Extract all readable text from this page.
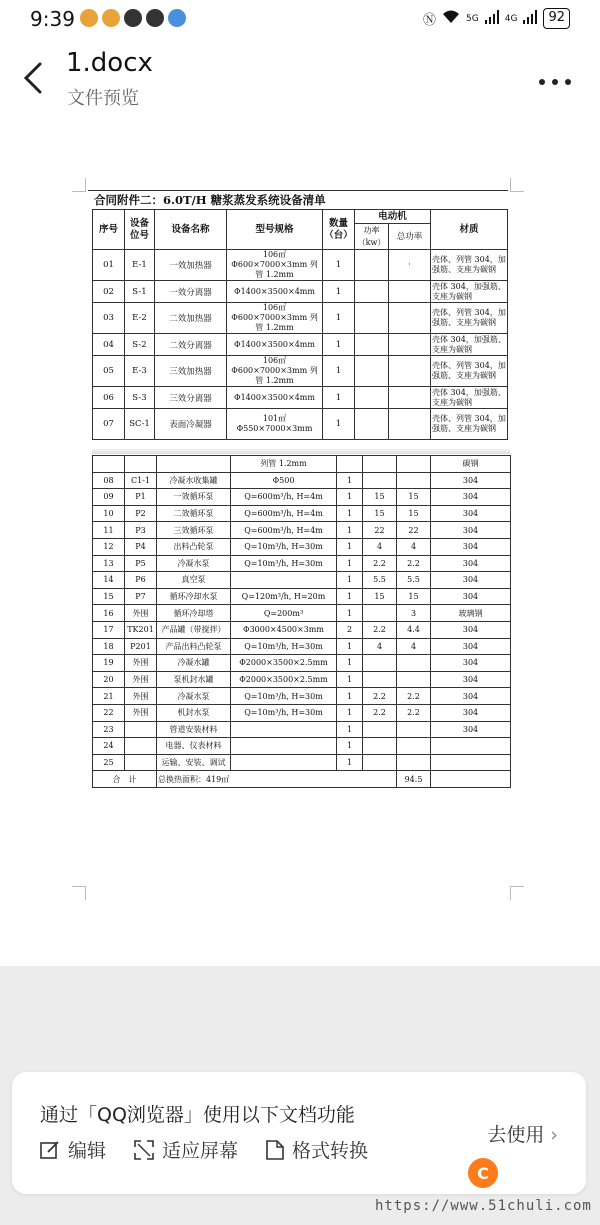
9:39	Ⓝ	5G	4G	92
1.docx
文件预览
合同附件二：6.0T/H 糖浆蒸发系统设备清单
序号	设备位号	设备名称	型号规格	数量（台）	电动机		材质
					功率（kw）	总功率	
01	E-1	一效加热器	106㎡ Φ600×7000×3mm 列管 1.2mm	1		·	壳体、列管 304，加强筋、支座为碳钢
02	S-1	一效分离器	Φ1400×3500×4mm	1			壳体 304，加强筋、支座为碳钢
03	E-2	二效加热器	106㎡ Φ600×7000×3mm 列管 1.2mm	1			壳体、列管 304，加强筋、支座为碳钢
04	S-2	二效分离器	Φ1400×3500×4mm	1			壳体 304，加强筋、支座为碳钢
05	E-3	三效加热器	106㎡ Φ600×7000×3mm 列管 1.2mm	1			壳体、列管 304，加强筋、支座为碳钢
06	S-3	三效分离器	Φ1400×3500×4mm	1			壳体 304，加强筋、支座为碳钢
07	SC-1	表面冷凝器	101㎡ Φ550×7000×3mm	1			壳体、列管 304，加强筋、支座为碳钢
			列管 1.2mm				碳钢
08	C1-1	冷凝水收集罐	Φ500	1			304
09	P1	一效循环泵	Q=600m³/h, H=4m	1	15	15	304
10	P2	二效循环泵	Q=600m³/h, H=4m	1	15	15	304
11	P3	三效循环泵	Q=600m³/h, H=4m	1	22	22	304
12	P4	出料凸轮泵	Q=10m³/h, H=30m	1	4	4	304
13	P5	冷凝水泵	Q=10m³/h, H=30m	1	2.2	2.2	304
14	P6	真空泵		1	5.5	5.5	304
15	P7	循环冷却水泵	Q=120m³/h, H=20m	1	15	15	304
16	外围	循环冷却塔	Q=200m³	1		3	玻璃钢
17	TK201	产品罐（带搅拌）	Φ3000×4500×3mm	2	2.2	4.4	304
18	P201	产品出料凸轮泵	Q=10m³/h, H=30m	1	4	4	304
19	外围	冷凝水罐	Φ2000×3500×2.5mm	1			304
20	外围	泵机封水罐	Φ2000×3500×2.5mm	1			304
21	外围	冷凝水泵	Q=10m³/h, H=30m	1	2.2	2.2	304
22	外围	机封水泵	Q=10m³/h, H=30m	1	2.2	2.2	304
23		管道安装材料		1			304
24		电器、仪表材料		1			
25		运输、安装、调试		1			
合　计		总换热面积：419㎡				94.5	
通过「QQ浏览器」使用以下文档功能
编辑	适应屏幕	格式转换
去使用 ›
C
https://www.51chuli.com
